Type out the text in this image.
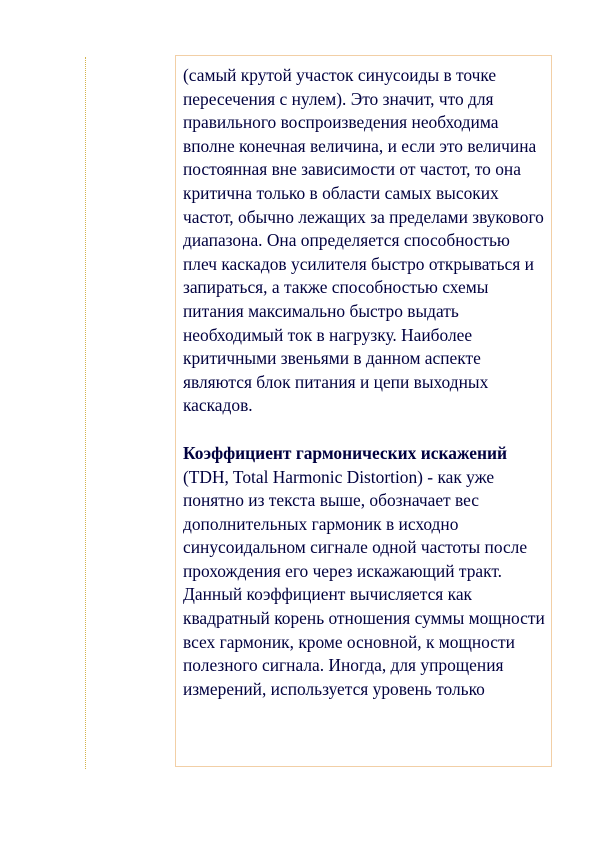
(самый крутой участок синусоиды в точке пересечения с нулем). Это значит, что для правильного воспроизведения необходима вполне конечная величина, и если это величина постоянная вне зависимости от частот, то она критична только в области самых высоких частот, обычно лежащих за пределами звукового диапазона. Она определяется способностью плеч каскадов усилителя быстро открываться и запираться, а также способностью схемы питания максимально быстро выдать необходимый ток в нагрузку. Наиболее критичными звеньями в данном аспекте являются блок питания и цепи выходных каскадов.

Коэффициент гармонических искажений (TDH, Total Harmonic Distortion) - как уже понятно из текста выше, обозначает вес дополнительных гармоник в исходно синусоидальном сигнале одной частоты после прохождения его через искажающий тракт. Данный коэффициент вычисляется как квадратный корень отношения суммы мощности всех гармоник, кроме основной, к мощности полезного сигнала. Иногда, для упрощения измерений, используется уровень только
